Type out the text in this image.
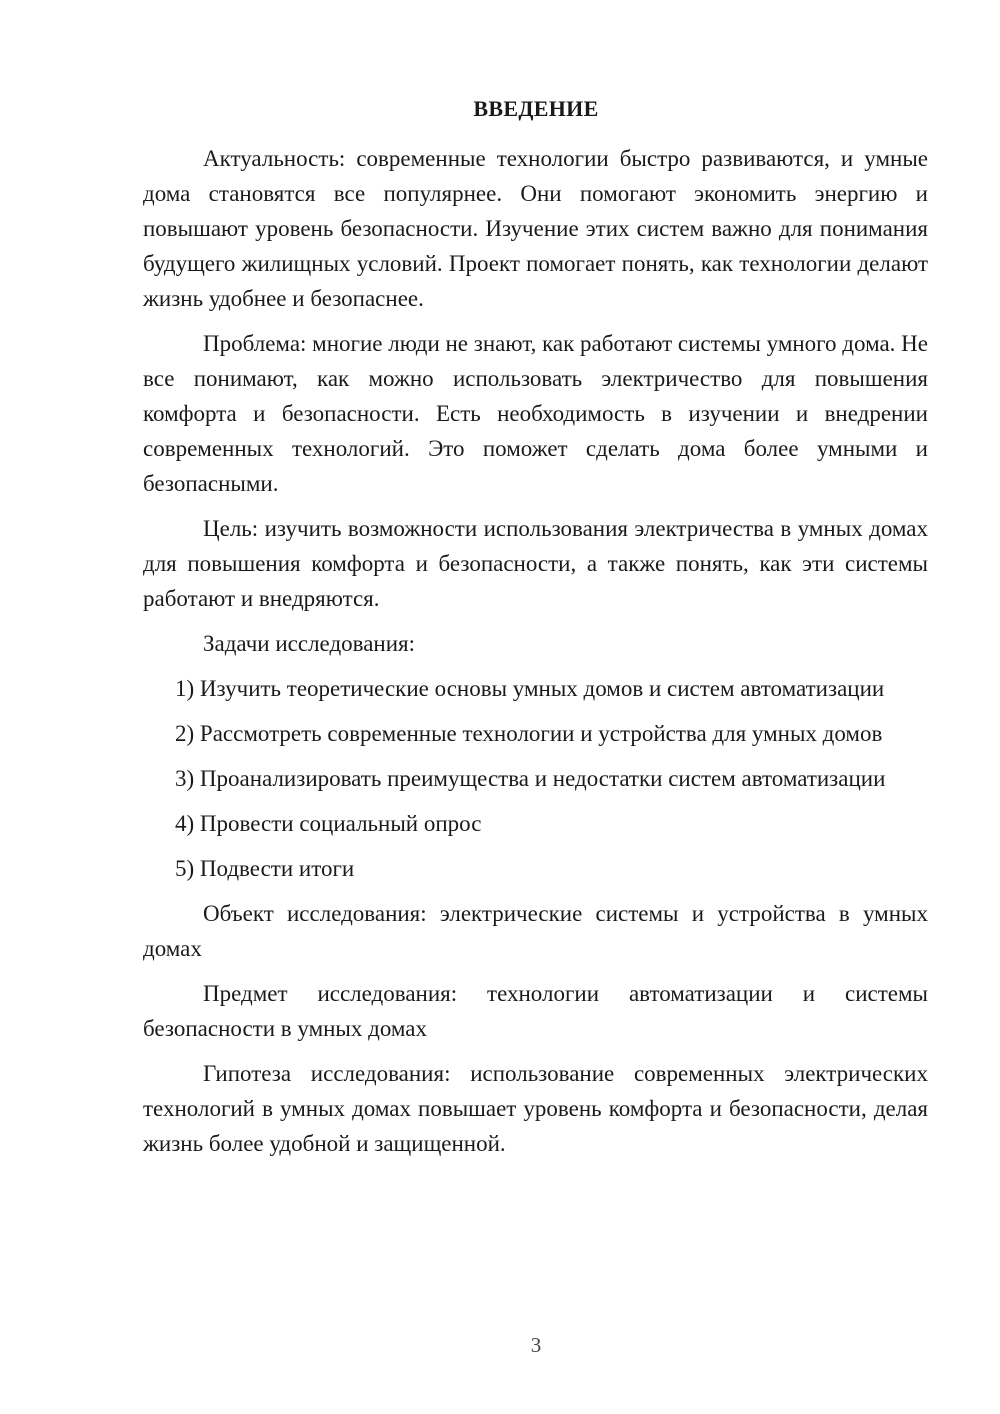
ВВЕДЕНИЕ

Актуальность: современные технологии быстро развиваются, и умные дома становятся все популярнее. Они помогают экономить энергию и повышают уровень безопасности. Изучение этих систем важно для понимания будущего жилищных условий. Проект помогает понять, как технологии делают жизнь удобнее и безопаснее.

Проблема: многие люди не знают, как работают системы умного дома. Не все понимают, как можно использовать электричество для повышения комфорта и безопасности. Есть необходимость в изучении и внедрении современных технологий. Это поможет сделать дома более умными и безопасными.

Цель: изучить возможности использования электричества в умных домах для повышения комфорта и безопасности, а также понять, как эти системы работают и внедряются.

Задачи исследования:

1) Изучить теоретические основы умных домов и систем автоматизации

2) Рассмотреть современные технологии и устройства для умных домов

3) Проанализировать преимущества и недостатки систем автоматизации

4) Провести социальный опрос

5) Подвести итоги

Объект исследования: электрические системы и устройства в умных домах

Предмет исследования: технологии автоматизации и системы безопасности в умных домах

Гипотеза исследования: использование современных электрических технологий в умных домах повышает уровень комфорта и безопасности, делая жизнь более удобной и защищенной.

3
